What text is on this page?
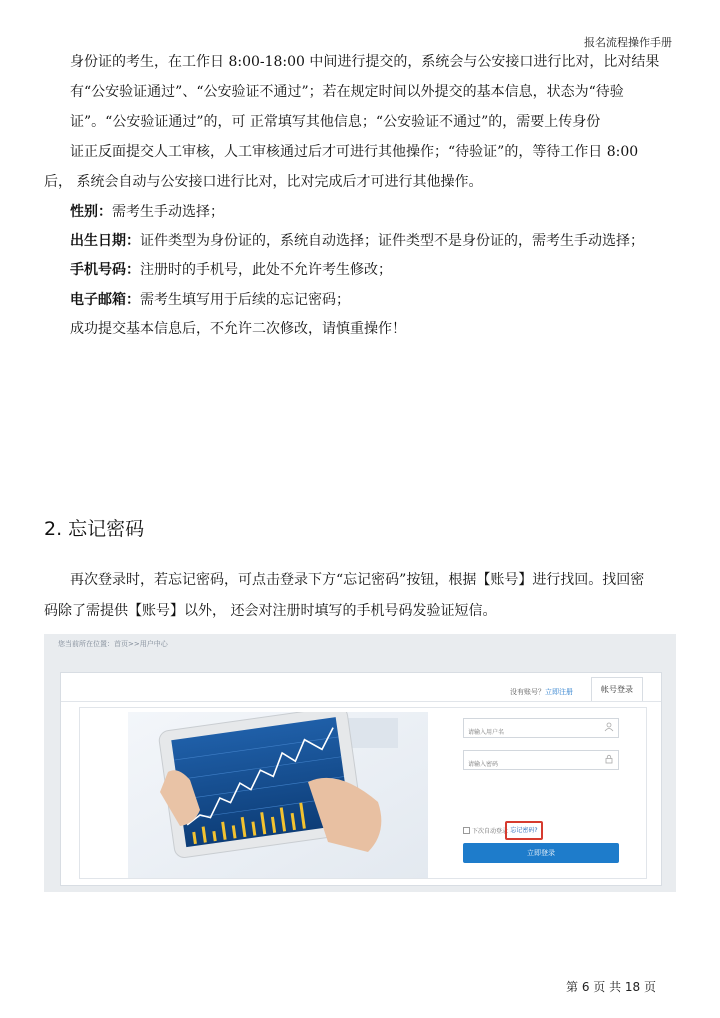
报名流程操作手册
身份证的考生，在工作日 8:00-18:00 中间进行提交的，系统会与公安接口进行比对，比对结果
有“公安验证通过”、“公安验证不通过”；若在规定时间以外提交的基本信息，状态为“待验
证”。“公安验证通过”的，可 正常填写其他信息；“公安验证不通过”的，需要上传身份
证正反面提交人工审核，人工审核通过后才可进行其他操作；“待验证”的，等待工作日 8:00
后， 系统会自动与公安接口进行比对，比对完成后才可进行其他操作。
性别：需考生手动选择；
出生日期：证件类型为身份证的，系统自动选择；证件类型不是身份证的，需考生手动选择；
手机号码：注册时的手机号，此处不允许考生修改；
电子邮箱：需考生填写用于后续的忘记密码；
成功提交基本信息后，不允许二次修改，请慎重操作！
2. 忘记密码
再次登录时，若忘记密码，可点击登录下方“忘记密码”按钮，根据【账号】进行找回。找回密
码除了需提供【账号】以外， 还会对注册时填写的手机号码发验证短信。
您当前所在位置：首页>>用户中心
没有账号？立即注册	帐号登录
请输入用户名
下次自动登录 忘记密码?
立即登录
第 6 页 共 18 页
